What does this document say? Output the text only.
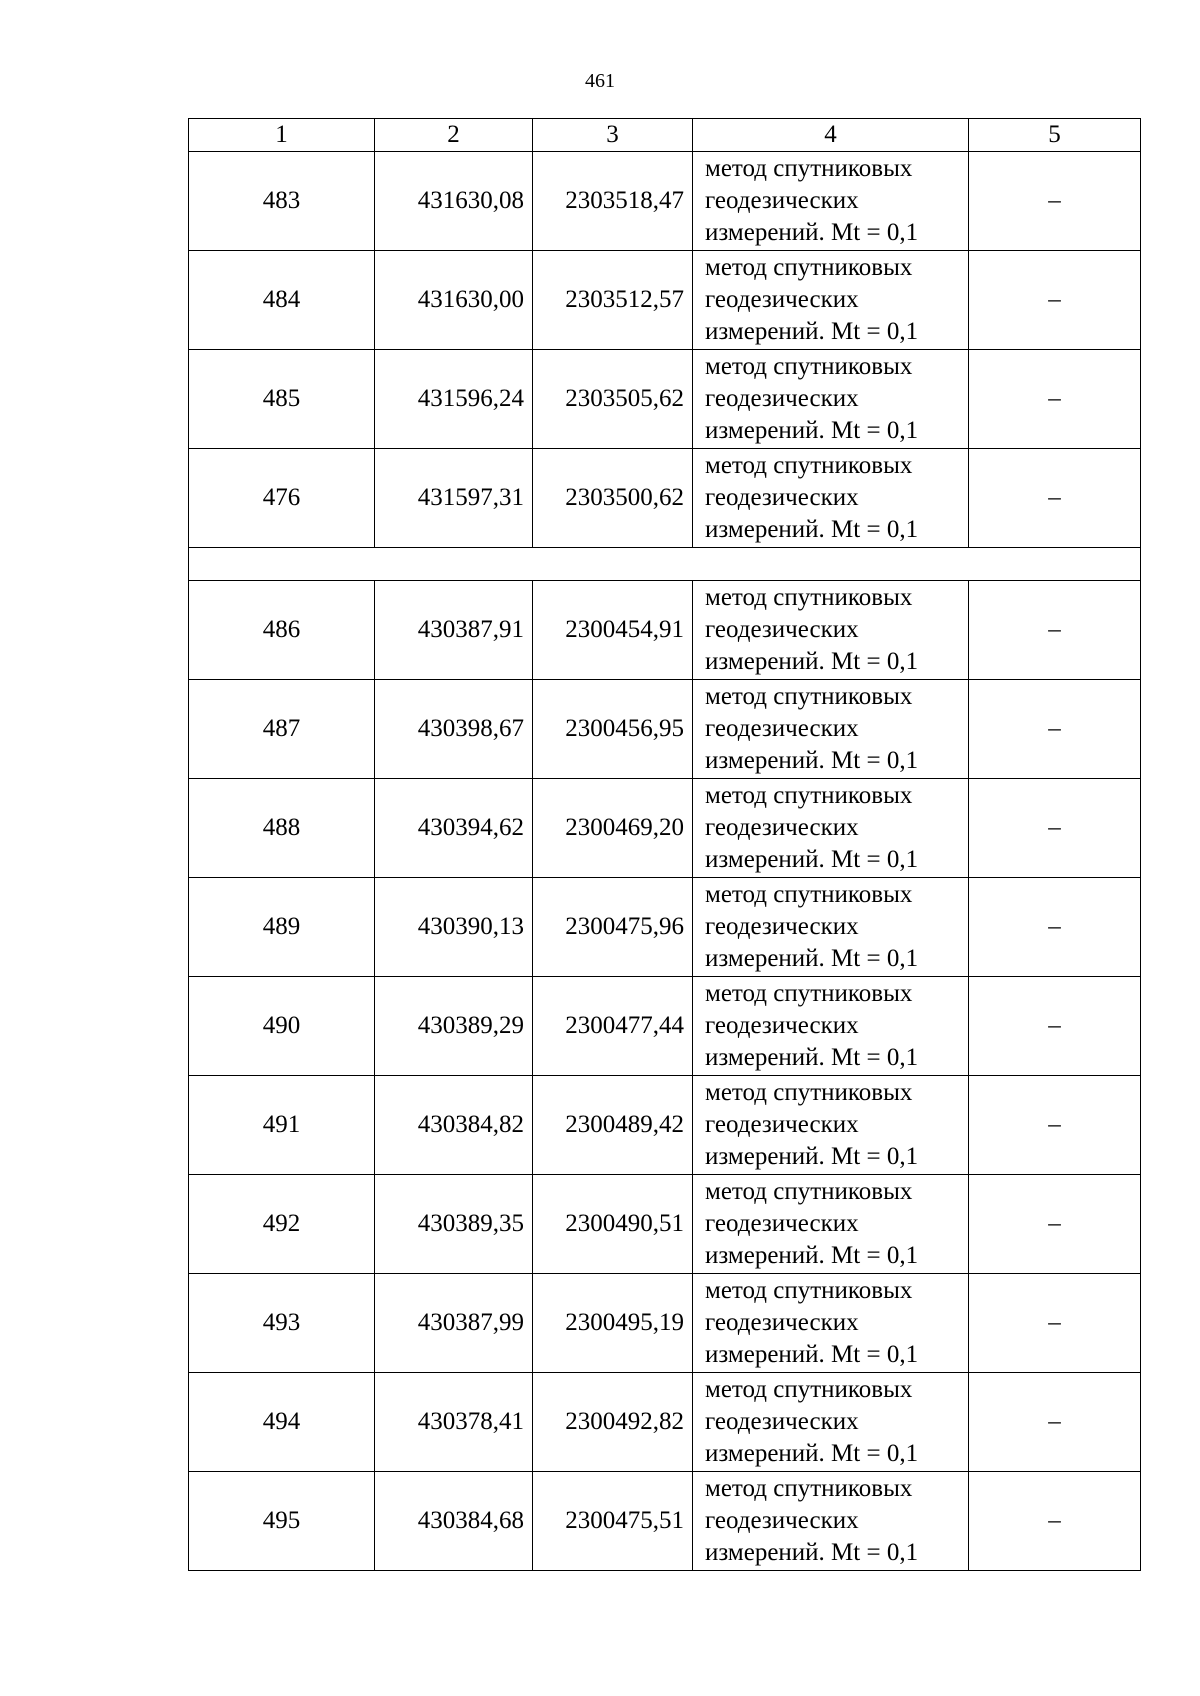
461
1	2	3	4	5
483	431630,08	2303518,47	метод спутниковых
геодезических
измерений. Mt = 0,1	–
484	431630,00	2303512,57	метод спутниковых
геодезических
измерений. Mt = 0,1	–
485	431596,24	2303505,62	метод спутниковых
геодезических
измерений. Mt = 0,1	–
476	431597,31	2303500,62	метод спутниковых
геодезических
измерений. Mt = 0,1	–

486	430387,91	2300454,91	метод спутниковых
геодезических
измерений. Mt = 0,1	–
487	430398,67	2300456,95	метод спутниковых
геодезических
измерений. Mt = 0,1	–
488	430394,62	2300469,20	метод спутниковых
геодезических
измерений. Mt = 0,1	–
489	430390,13	2300475,96	метод спутниковых
геодезических
измерений. Mt = 0,1	–
490	430389,29	2300477,44	метод спутниковых
геодезических
измерений. Mt = 0,1	–
491	430384,82	2300489,42	метод спутниковых
геодезических
измерений. Mt = 0,1	–
492	430389,35	2300490,51	метод спутниковых
геодезических
измерений. Mt = 0,1	–
493	430387,99	2300495,19	метод спутниковых
геодезических
измерений. Mt = 0,1	–
494	430378,41	2300492,82	метод спутниковых
геодезических
измерений. Mt = 0,1	–
495	430384,68	2300475,51	метод спутниковых
геодезических
измерений. Mt = 0,1	–
